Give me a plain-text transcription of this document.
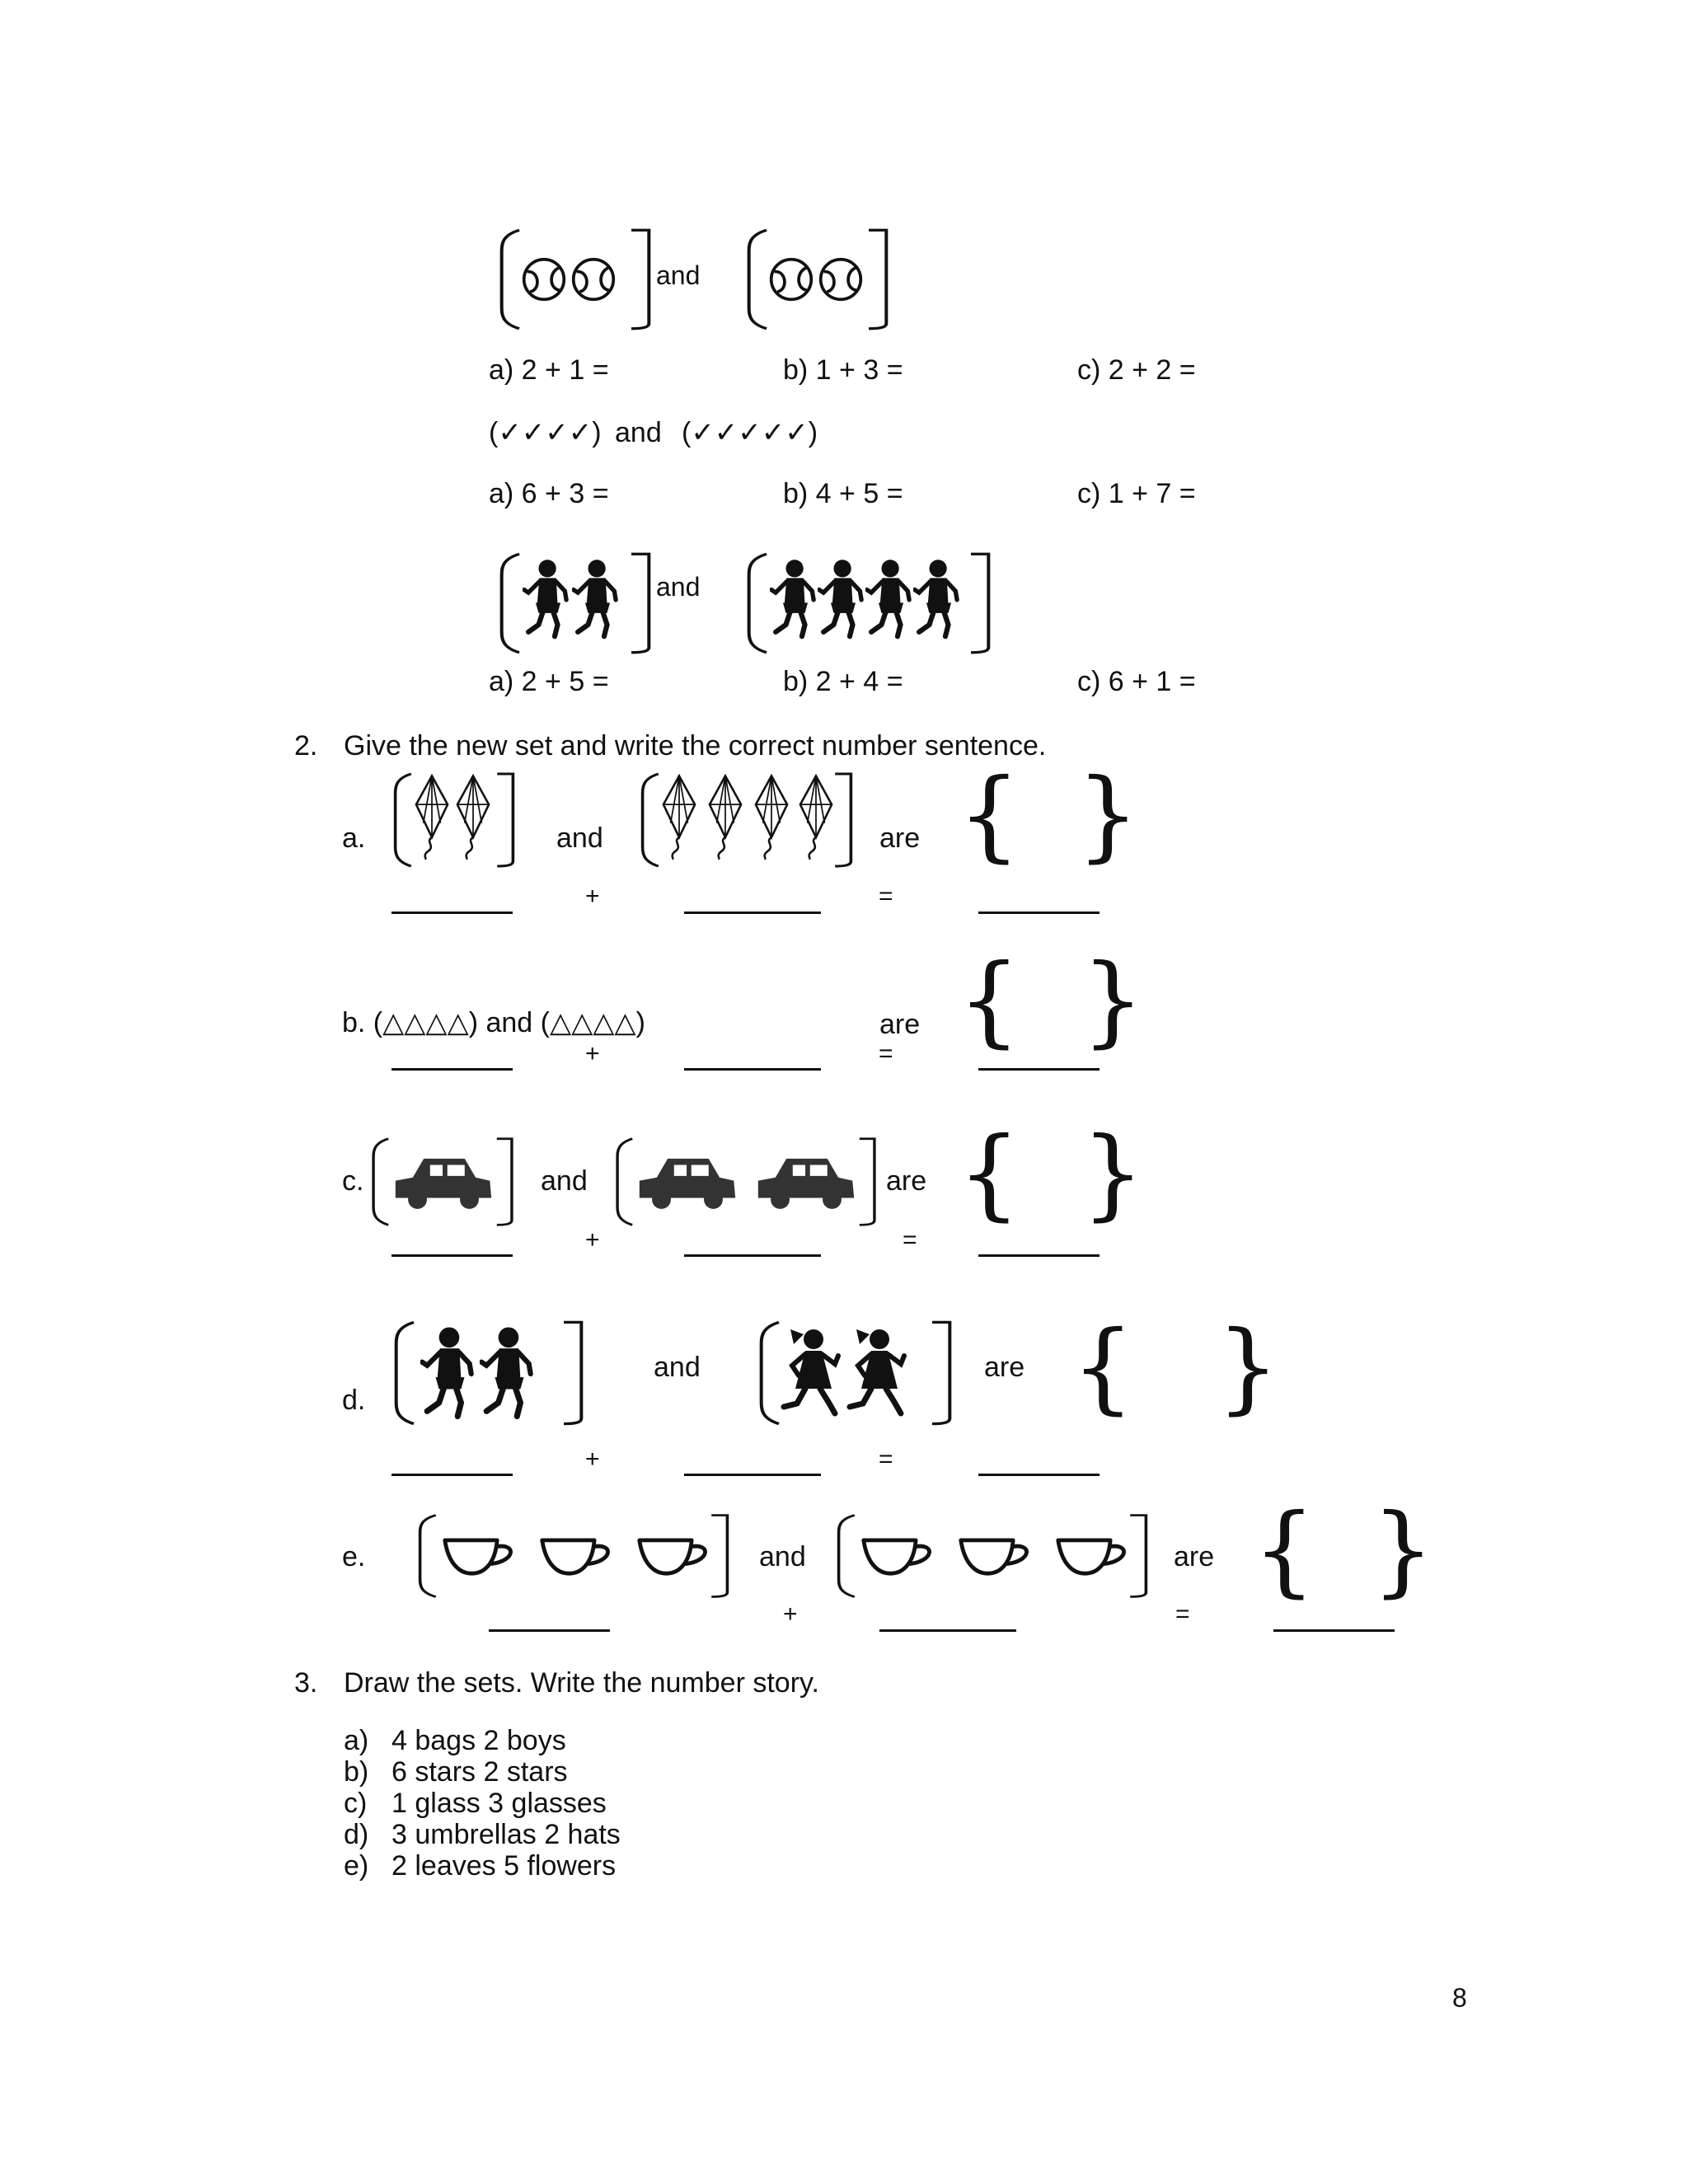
and
a) 2 + 1 =	b) 1 + 3 =	c) 2 + 2 =
(✓✓✓✓) and (✓✓✓✓✓)
a) 6 + 3 =	b) 4 + 5 =	c) 1 + 7 =
and
a) 2 + 5 =	b) 2 + 4 =	c) 6 + 1 =
2. Give the new set and write the correct number sentence.
a.	and	are { }
+	=
b. (△△△△) and (△△△△)	are { }
+	=
c.	and	are { }
+	=
d.
and	are { }
+	=
e.	and	are { }
+	=
3. Draw the sets. Write the number story.
a) 4 bags 2 boys
b) 6 stars 2 stars
c) 1 glass 3 glasses
d) 3 umbrellas 2 hats
e) 2 leaves 5 flowers
8
